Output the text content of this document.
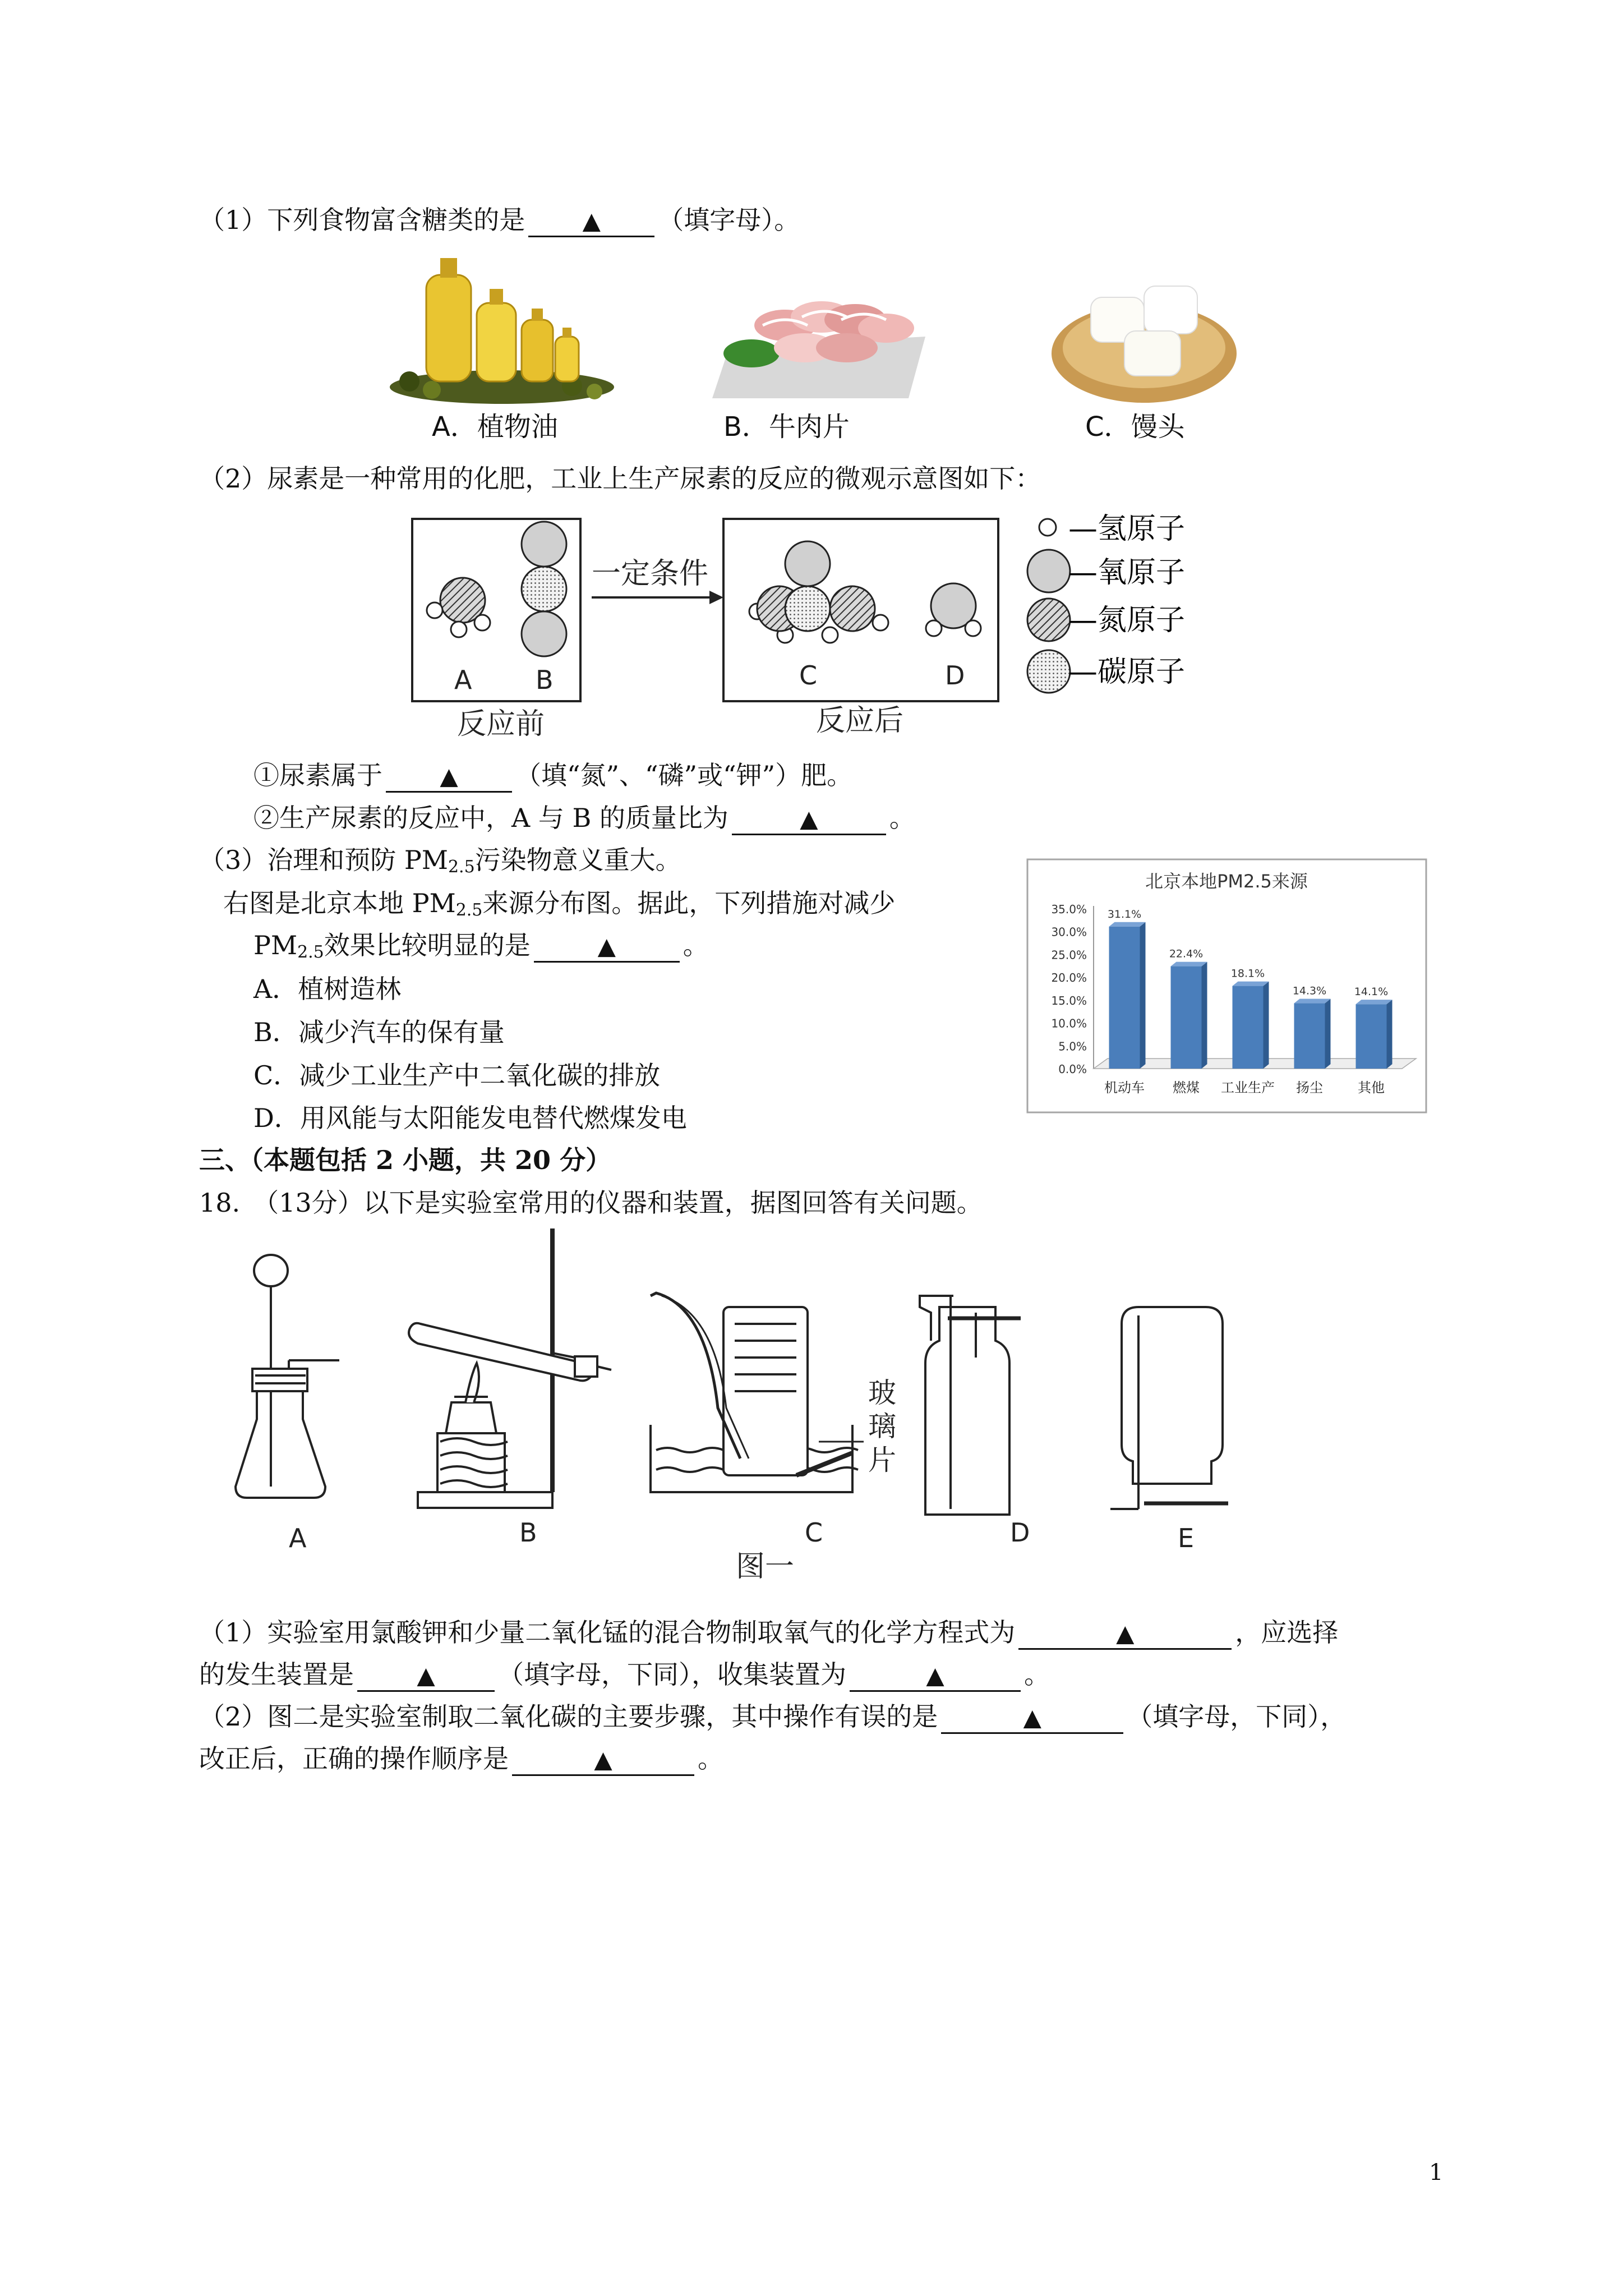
（1）下列食物富含糖类的是 ▲ （填字母）。
A．植物油	B．牛肉片	C．馒头
（2）尿素是一种常用的化肥，工业上生产尿素的反应的微观示意图如下：
A B
一定条件
C	D
反应前	反应后
—氢原子
—氧原子
—氮原子
—碳原子
①尿素属于 ▲ （填“氮”、“磷”或“钾”）肥。
②生产尿素的反应中，A 与 B 的质量比为	▲	。
（3）治理和预防 $PM_{2.5}$污染物意义重大。
右图是北京本地 $PM_{2.5}$来源分布图。据此，下列措施对减少
$PM_{2.5}$效果比较明显的是	▲	。
A．植树造林
B．减少汽车的保有量
C．减少工业生产中二氧化碳的排放
D．用风能与太阳能发电替代燃煤发电
北京本地PM2.5来源
0.0%
5.0%
10.0%
15.0%
20.0%
25.0%
30.0%
35.0% 31.1%
机动车
22.4%
燃煤
18.1%
工业生产
14.3%
扬尘
14.1%
其他
三、（本题包括 2 小题，共 20 分）
18.　（13分）以下是实验室常用的仪器和装置，据图回答有关问题。
玻
璃
片
A	B	C	D	E
图一
（1）实验室用氯酸钾和少量二氧化锰的混合物制取氧气的化学方程式为	▲	，应选择
的发生装置是	▲ （填字母，下同），收集装置为	▲	。
（2）图二是实验室制取二氧化碳的主要步骤，其中操作有误的是	▲	（填字母，下同），
改正后，正确的操作顺序是	▲	。
1
